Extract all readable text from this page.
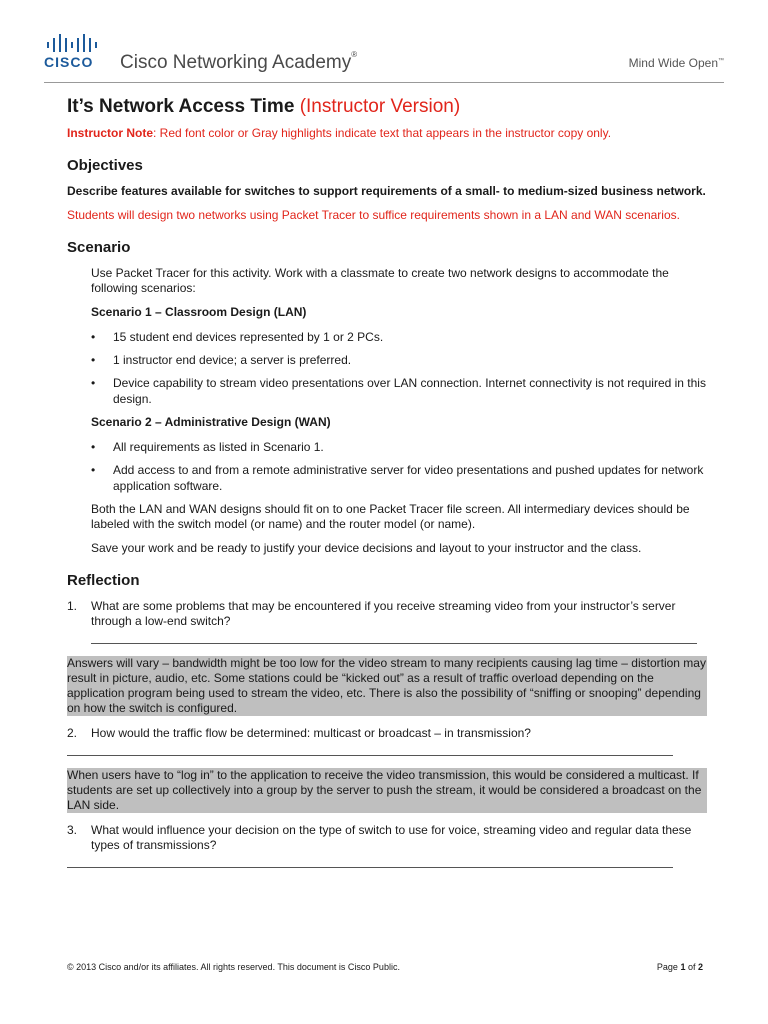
CISCO Cisco Networking Academy®
Mind Wide Open™
It’s Network Access Time (Instructor Version)

Instructor Note: Red font color or Gray highlights indicate text that appears in the instructor copy only.

Objectives

Describe features available for switches to support requirements of a small- to medium-sized business network.

Students will design two networks using Packet Tracer to suffice requirements shown in a LAN and WAN scenarios.

Scenario

Use Packet Tracer for this activity. Work with a classmate to create two network designs to accommodate the following scenarios:

Scenario 1 – Classroom Design (LAN)

• 15 student end devices represented by 1 or 2 PCs.
• 1 instructor end device; a server is preferred.
• Device capability to stream video presentations over LAN connection. Internet connectivity is not required in this design.

Scenario 2 – Administrative Design (WAN)

• All requirements as listed in Scenario 1.
• Add access to and from a remote administrative server for video presentations and pushed updates for network application software.

Both the LAN and WAN designs should fit on to one Packet Tracer file screen. All intermediary devices should be labeled with the switch model (or name) and the router model (or name).

Save your work and be ready to justify your device decisions and layout to your instructor and the class.

Reflection
1. What are some problems that may be encountered if you receive streaming video from your instructor’s server through a low-end switch?
Answers will vary – bandwidth might be too low for the video stream to many recipients causing lag time – distortion may result in picture, audio, etc. Some stations could be “kicked out” as a result of traffic overload depending on the application program being used to stream the video, etc. There is also the possibility of “sniffing or snooping” depending on how the switch is configured.
2. How would the traffic flow be determined: multicast or broadcast – in transmission?
When users have to “log in” to the application to receive the video transmission, this would be considered a multicast. If students are set up collectively into a group by the server to push the stream, it would be considered a broadcast on the LAN side.
3. What would influence your decision on the type of switch to use for voice, streaming video and regular data these types of transmissions?
© 2013 Cisco and/or its affiliates. All rights reserved. This document is Cisco Public.	Page 1 of 2
